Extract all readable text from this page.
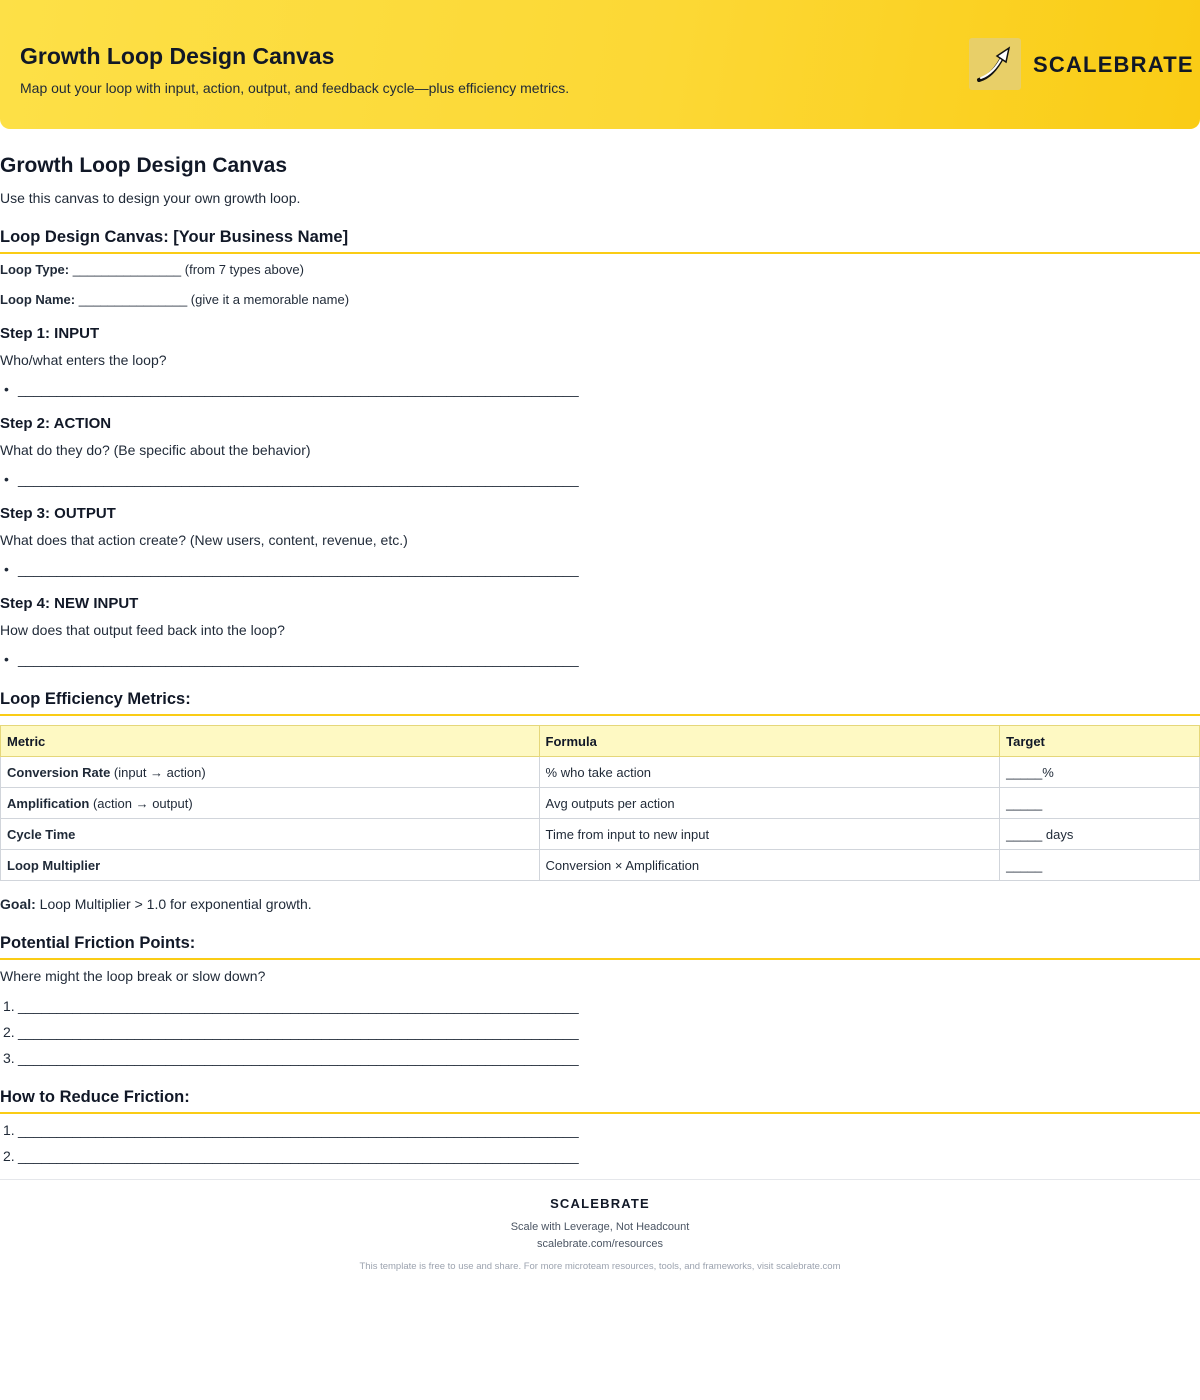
Growth Loop Design Canvas
Map out your loop with input, action, output, and feedback cycle—plus efficiency metrics.
SCALEBRATE
Growth Loop Design Canvas
Use this canvas to design your own growth loop.
Loop Design Canvas: [Your Business Name]
Loop Type: _______________ (from 7 types above)
Loop Name: _______________ (give it a memorable name)
Step 1: INPUT
Who/what enters the loop?
• ________________________________________________________________________
Step 2: ACTION
What do they do? (Be specific about the behavior)
• ________________________________________________________________________
Step 3: OUTPUT
What does that action create? (New users, content, revenue, etc.)
• ________________________________________________________________________
Step 4: NEW INPUT
How does that output feed back into the loop?
• ________________________________________________________________________
Loop Efficiency Metrics:
Metric	Formula	Target
Conversion Rate (input → action)	% who take action	_____%
Amplification (action → output)	Avg outputs per action	_____
Cycle Time	Time from input to new input	_____ days
Loop Multiplier	Conversion × Amplification	_____
Goal: Loop Multiplier > 1.0 for exponential growth.
Potential Friction Points:
Where might the loop break or slow down?
1. ________________________________________________________________________
2. ________________________________________________________________________
3. ________________________________________________________________________
How to Reduce Friction:
1. ________________________________________________________________________
2. ________________________________________________________________________
SCALEBRATE
Scale with Leverage, Not Headcount
scalebrate.com/resources
This template is free to use and share. For more microteam resources, tools, and frameworks, visit scalebrate.com
